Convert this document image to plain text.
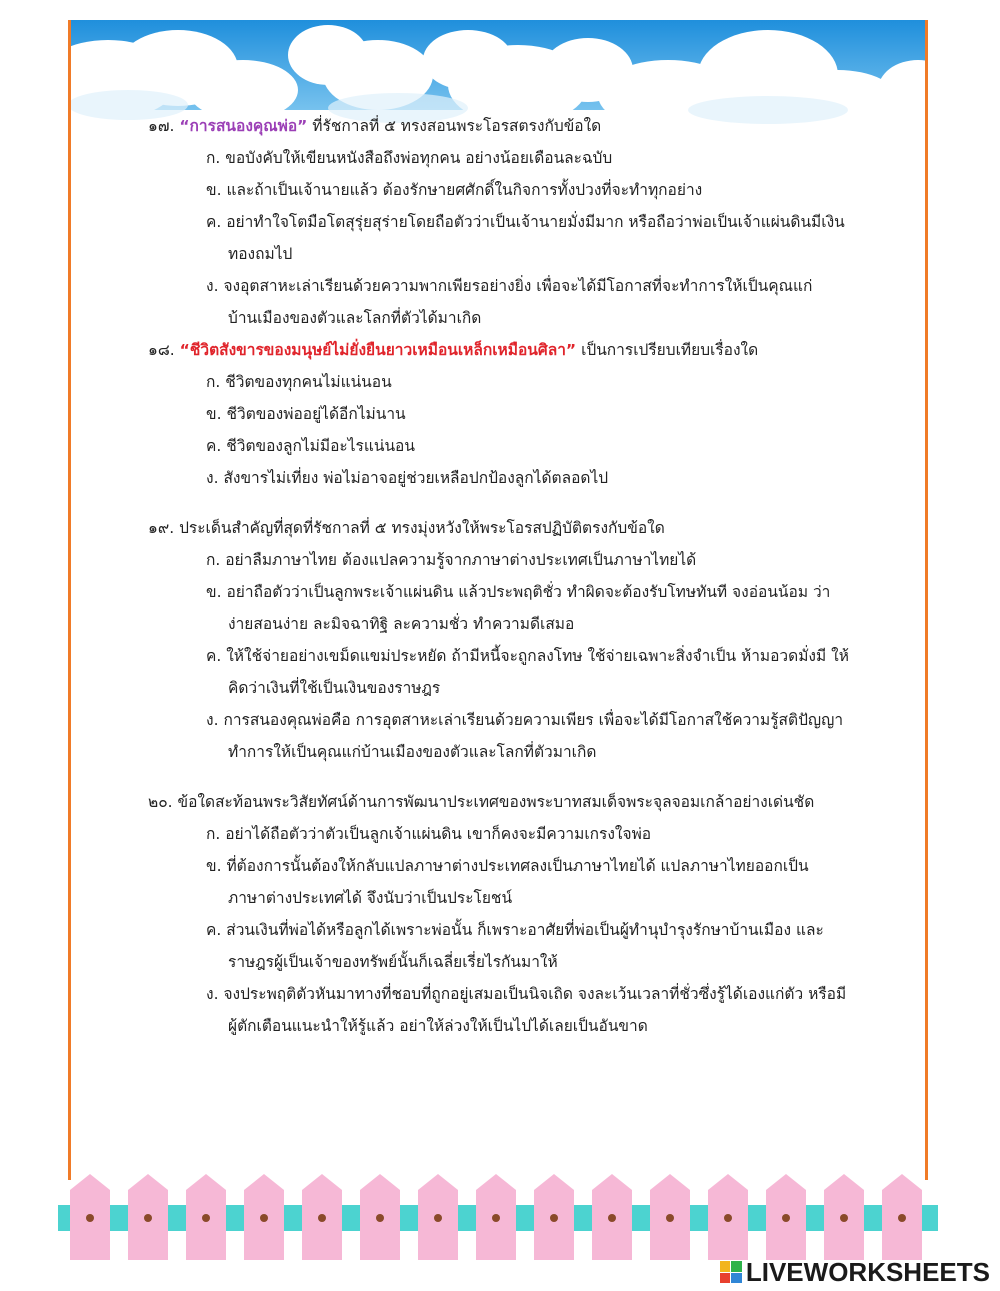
๑๗. “การสนองคุณพ่อ” ที่รัชกาลที่ ๕ ทรงสอนพระโอรสตรงกับข้อใด
ก. ขอบังคับให้เขียนหนังสือถึงพ่อทุกคน อย่างน้อยเดือนละฉบับ
ข. และถ้าเป็นเจ้านายแล้ว ต้องรักษายศศักดิ์ในกิจการทั้งปวงที่จะทำทุกอย่าง
ค. อย่าทำใจโตมือโตสุรุ่ยสุร่ายโดยถือตัวว่าเป็นเจ้านายมั่งมีมาก หรือถือว่าพ่อเป็นเจ้าแผ่นดินมีเงิน
ทองถมไป
ง. จงอุตสาหะเล่าเรียนด้วยความพากเพียรอย่างยิ่ง เพื่อจะได้มีโอกาสที่จะทำการให้เป็นคุณแก่
บ้านเมืองของตัวและโลกที่ตัวได้มาเกิด
๑๘. “ชีวิตสังขารของมนุษย์ไม่ยั่งยืนยาวเหมือนเหล็กเหมือนศิลา” เป็นการเปรียบเทียบเรื่องใด
ก. ชีวิตของทุกคนไม่แน่นอน
ข. ชีวิตของพ่ออยู่ได้อีกไม่นาน
ค. ชีวิตของลูกไม่มีอะไรแน่นอน
ง. สังขารไม่เที่ยง พ่อไม่อาจอยู่ช่วยเหลือปกป้องลูกได้ตลอดไป
๑๙. ประเด็นสำคัญที่สุดที่รัชกาลที่ ๕ ทรงมุ่งหวังให้พระโอรสปฏิบัติตรงกับข้อใด
ก. อย่าลืมภาษาไทย ต้องแปลความรู้จากภาษาต่างประเทศเป็นภาษาไทยได้
ข. อย่าถือตัวว่าเป็นลูกพระเจ้าแผ่นดิน แล้วประพฤติชั่ว ทำผิดจะต้องรับโทษทันที จงอ่อนน้อม ว่า
ง่ายสอนง่าย ละมิจฉาทิฐิ ละความชั่ว ทำความดีเสมอ
ค. ให้ใช้จ่ายอย่างเขม็ดแขม่ประหยัด ถ้ามีหนี้จะถูกลงโทษ ใช้จ่ายเฉพาะสิ่งจำเป็น ห้ามอวดมั่งมี ให้
คิดว่าเงินที่ใช้เป็นเงินของราษฎร
ง. การสนองคุณพ่อคือ การอุตสาหะเล่าเรียนด้วยความเพียร เพื่อจะได้มีโอกาสใช้ความรู้สติปัญญา
ทำการให้เป็นคุณแก่บ้านเมืองของตัวและโลกที่ตัวมาเกิด
๒๐. ข้อใดสะท้อนพระวิสัยทัศน์ด้านการพัฒนาประเทศของพระบาทสมเด็จพระจุลจอมเกล้าอย่างเด่นชัด
ก. อย่าได้ถือตัวว่าตัวเป็นลูกเจ้าแผ่นดิน เขาก็คงจะมีความเกรงใจพ่อ
ข. ที่ต้องการนั้นต้องให้กลับแปลภาษาต่างประเทศลงเป็นภาษาไทยได้ แปลภาษาไทยออกเป็น
ภาษาต่างประเทศได้ จึงนับว่าเป็นประโยชน์
ค. ส่วนเงินที่พ่อได้หรือลูกได้เพราะพ่อนั้น ก็เพราะอาศัยที่พ่อเป็นผู้ทำนุบำรุงรักษาบ้านเมือง และ
ราษฎรผู้เป็นเจ้าของทรัพย์นั้นก็เฉลี่ยเรี่ยไรกันมาให้
ง. จงประพฤติตัวหันมาทางที่ชอบที่ถูกอยู่เสมอเป็นนิจเถิด จงละเว้นเวลาที่ชั่วซึ่งรู้ได้เองแก่ตัว หรือมี
ผู้ตักเตือนแนะนำให้รู้แล้ว อย่าให้ล่วงให้เป็นไปได้เลยเป็นอันขาด
LIVEWORKSHEETS
